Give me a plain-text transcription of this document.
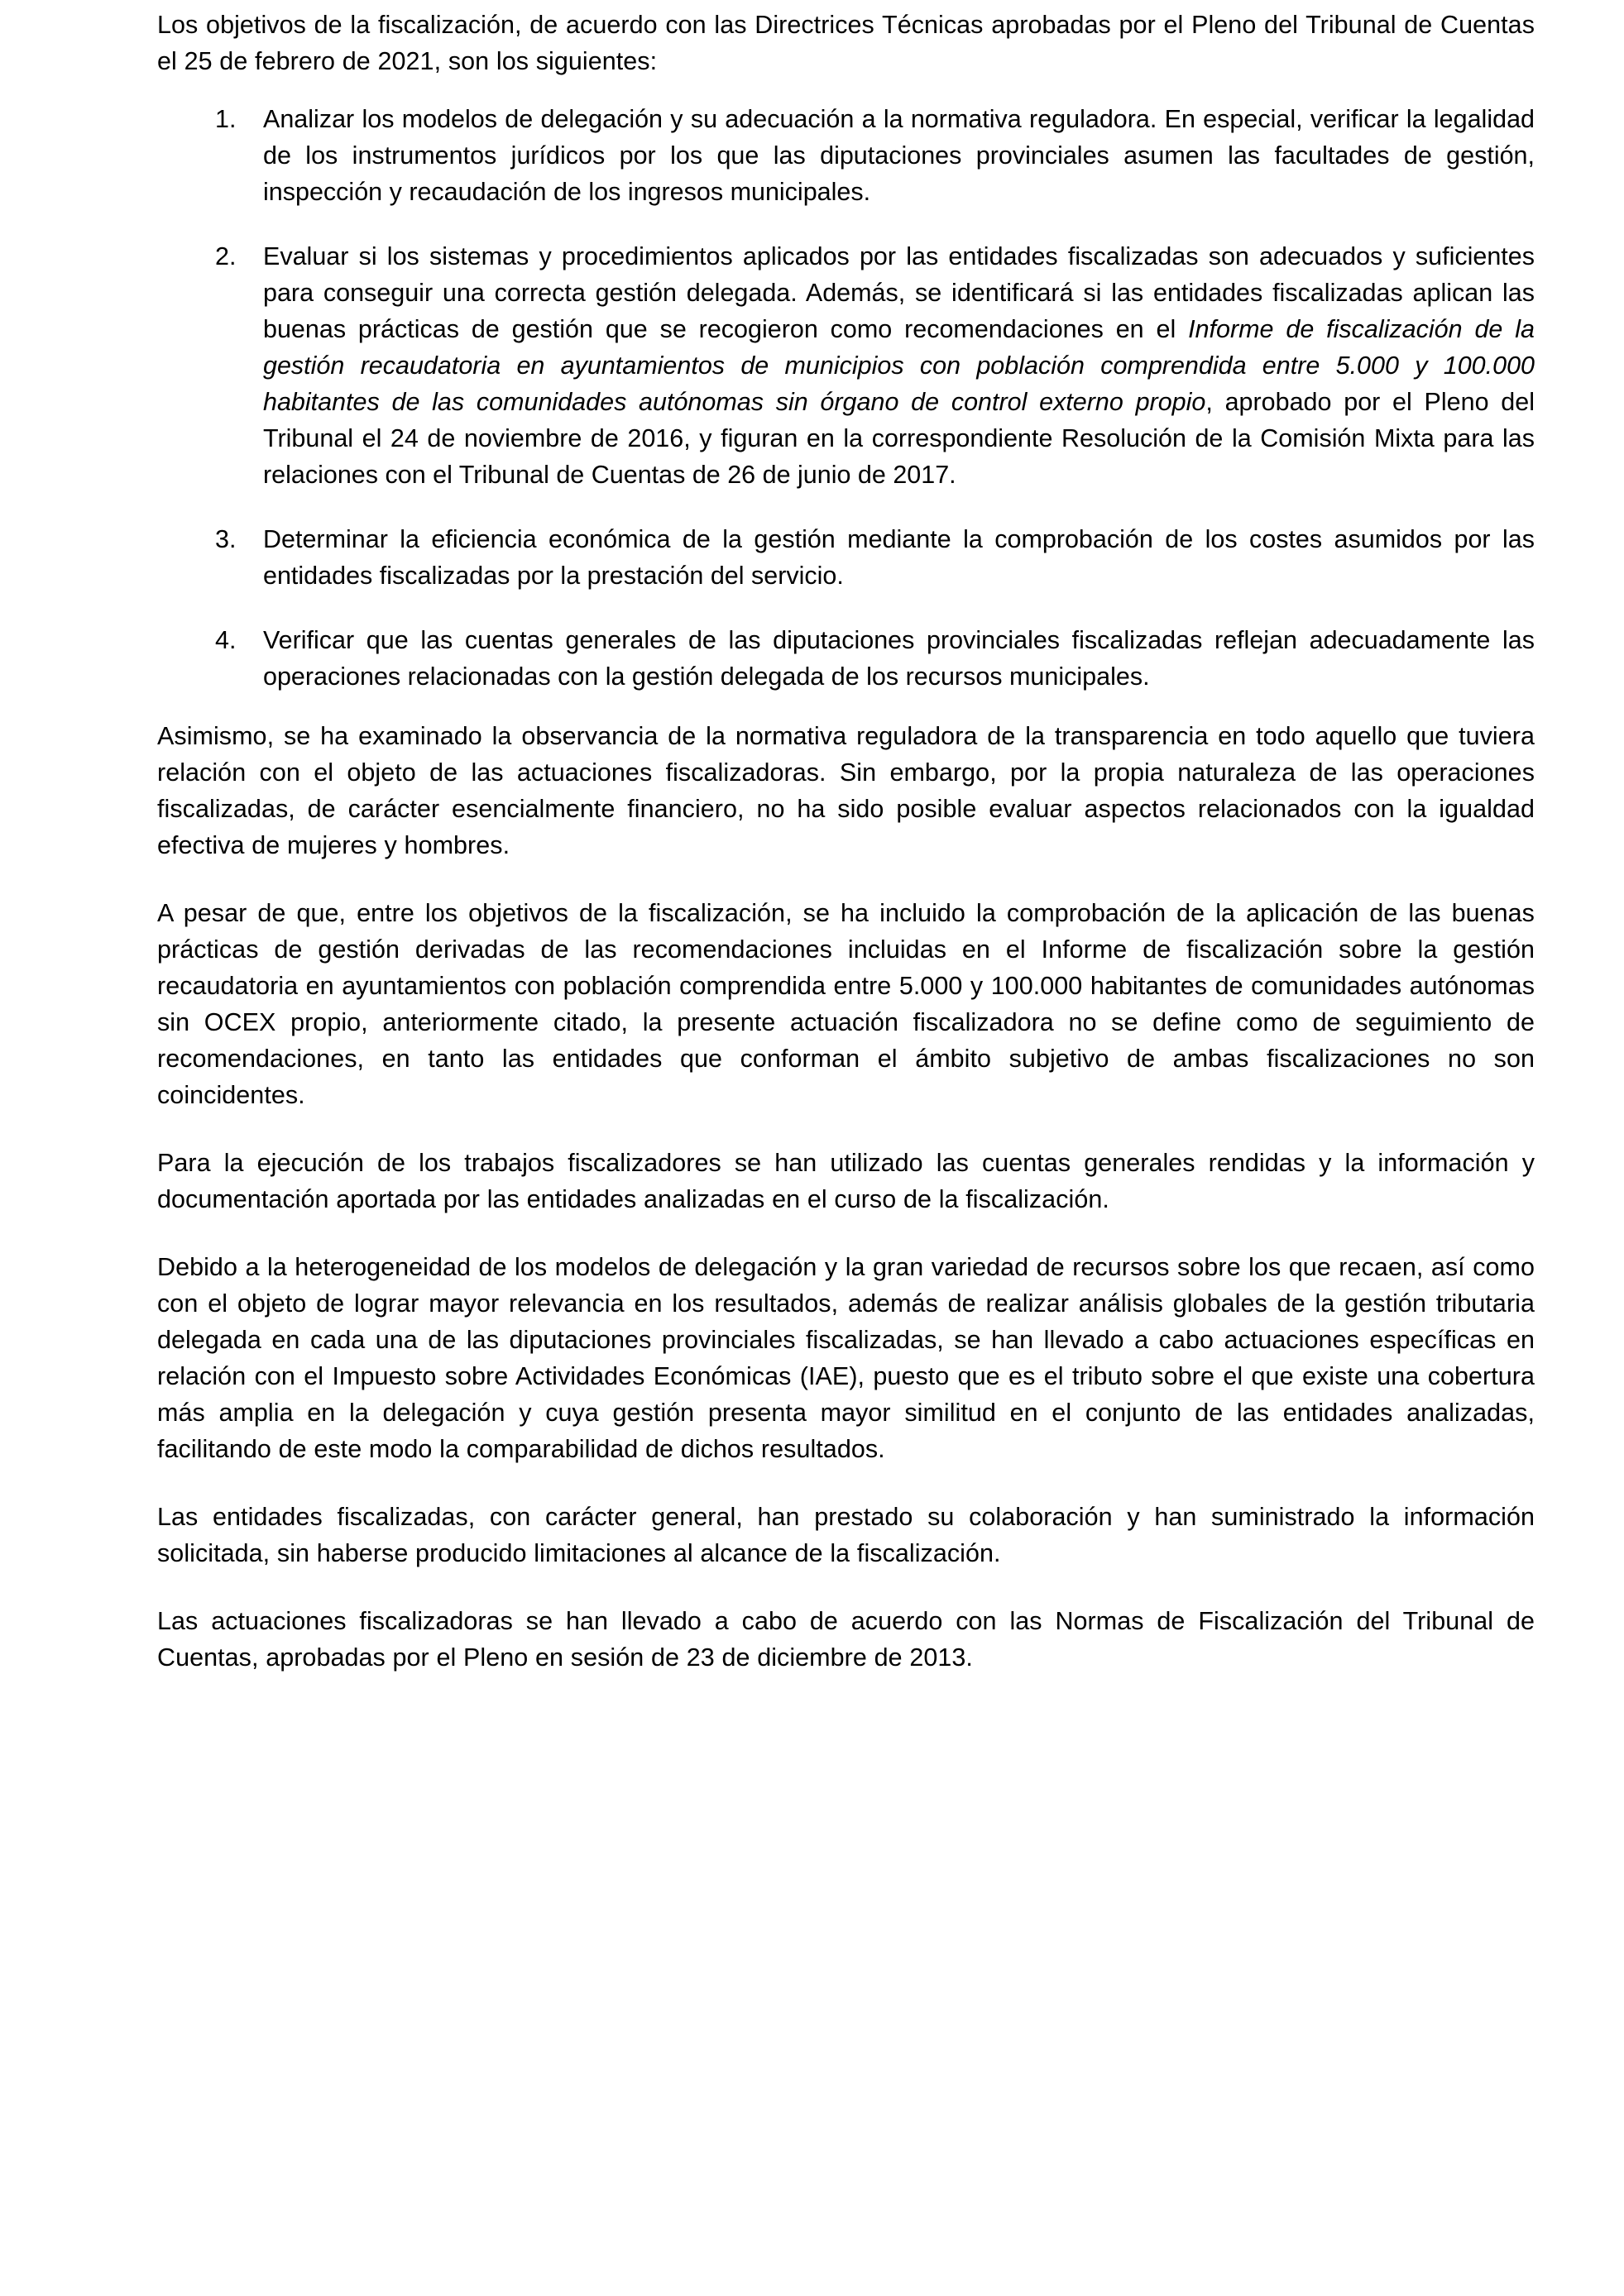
Los objetivos de la fiscalización, de acuerdo con las Directrices Técnicas aprobadas por el Pleno del Tribunal de Cuentas el 25 de febrero de 2021, son los siguientes:

1.	Analizar los modelos de delegación y su adecuación a la normativa reguladora. En especial, verificar la legalidad de los instrumentos jurídicos por los que las diputaciones provinciales asumen las facultades de gestión, inspección y recaudación de los ingresos municipales.
2.	Evaluar si los sistemas y procedimientos aplicados por las entidades fiscalizadas son adecuados y suficientes para conseguir una correcta gestión delegada. Además, se identificará si las entidades fiscalizadas aplican las buenas prácticas de gestión que se recogieron como recomendaciones en el Informe de fiscalización de la gestión recaudatoria en ayuntamientos de municipios con población comprendida entre 5.000 y 100.000 habitantes de las comunidades autónomas sin órgano de control externo propio, aprobado por el Pleno del Tribunal el 24 de noviembre de 2016, y figuran en la correspondiente Resolución de la Comisión Mixta para las relaciones con el Tribunal de Cuentas de 26 de junio de 2017.
3.	Determinar la eficiencia económica de la gestión mediante la comprobación de los costes asumidos por las entidades fiscalizadas por la prestación del servicio.
4.	Verificar que las cuentas generales de las diputaciones provinciales fiscalizadas reflejan adecuadamente las operaciones relacionadas con la gestión delegada de los recursos municipales.

Asimismo, se ha examinado la observancia de la normativa reguladora de la transparencia en todo aquello que tuviera relación con el objeto de las actuaciones fiscalizadoras. Sin embargo, por la propia naturaleza de las operaciones fiscalizadas, de carácter esencialmente financiero, no ha sido posible evaluar aspectos relacionados con la igualdad efectiva de mujeres y hombres.

A pesar de que, entre los objetivos de la fiscalización, se ha incluido la comprobación de la aplicación de las buenas prácticas de gestión derivadas de las recomendaciones incluidas en el Informe de fiscalización sobre la gestión recaudatoria en ayuntamientos con población comprendida entre 5.000 y 100.000 habitantes de comunidades autónomas sin OCEX propio, anteriormente citado, la presente actuación fiscalizadora no se define como de seguimiento de recomendaciones, en tanto las entidades que conforman el ámbito subjetivo de ambas fiscalizaciones no son coincidentes.

Para la ejecución de los trabajos fiscalizadores se han utilizado las cuentas generales rendidas y la información y documentación aportada por las entidades analizadas en el curso de la fiscalización.

Debido a la heterogeneidad de los modelos de delegación y la gran variedad de recursos sobre los que recaen, así como con el objeto de lograr mayor relevancia en los resultados, además de realizar análisis globales de la gestión tributaria delegada en cada una de las diputaciones provinciales fiscalizadas, se han llevado a cabo actuaciones específicas en relación con el Impuesto sobre Actividades Económicas (IAE), puesto que es el tributo sobre el que existe una cobertura más amplia en la delegación y cuya gestión presenta mayor similitud en el conjunto de las entidades analizadas, facilitando de este modo la comparabilidad de dichos resultados.

Las entidades fiscalizadas, con carácter general, han prestado su colaboración y han suministrado la información solicitada, sin haberse producido limitaciones al alcance de la fiscalización.

Las actuaciones fiscalizadoras se han llevado a cabo de acuerdo con las Normas de Fiscalización del Tribunal de Cuentas, aprobadas por el Pleno en sesión de 23 de diciembre de 2013.
